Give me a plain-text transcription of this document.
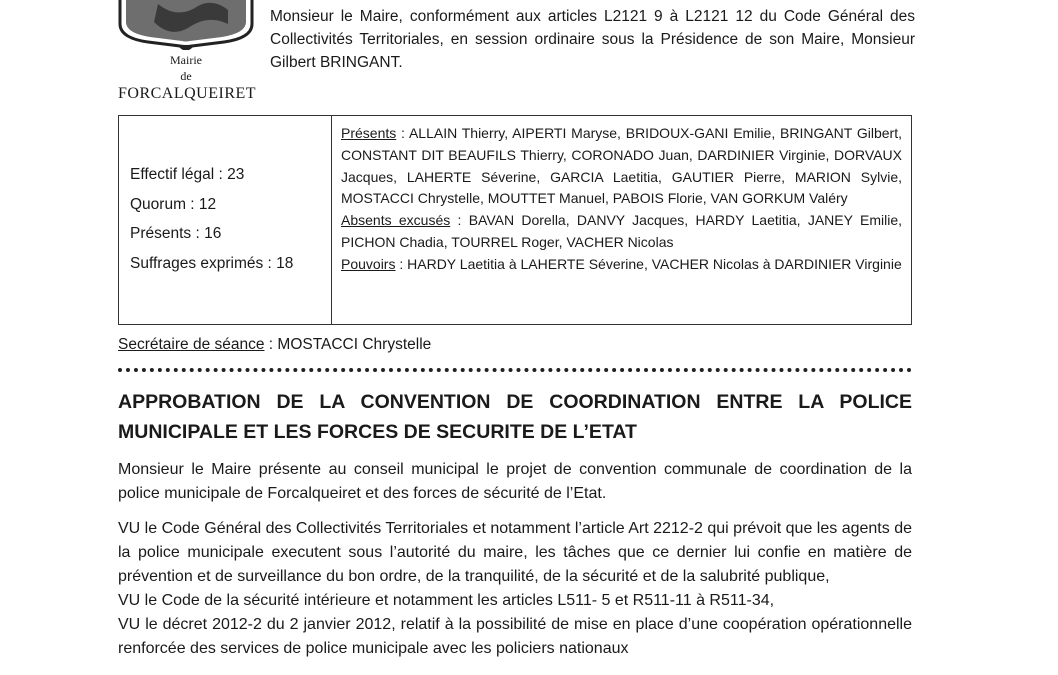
Mairie
de
FORCALQUEIRET

Monsieur le Maire, conformément aux articles L2121 9 à L2121 12 du Code Général des Collectivités Territoriales, en session ordinaire sous la Présidence de son Maire, Monsieur Gilbert BRINGANT.

Effectif légal : 23
Quorum : 12
Présents : 16
Suffrages exprimés : 18

Présents : ALLAIN Thierry, AIPERTI Maryse, BRIDOUX-GANI Emilie, BRINGANT Gilbert, CONSTANT DIT BEAUFILS Thierry, CORONADO Juan, DARDINIER Virginie, DORVAUX Jacques, LAHERTE Séverine, GARCIA Laetitia, GAUTIER Pierre, MARION Sylvie, MOSTACCI Chrystelle, MOUTTET Manuel, PABOIS Florie, VAN GORKUM Valéry

Absents excusés : BAVAN Dorella, DANVY Jacques, HARDY Laetitia, JANEY Emilie, PICHON Chadia, TOURREL Roger, VACHER Nicolas

Pouvoirs : HARDY Laetitia à LAHERTE Séverine, VACHER Nicolas à DARDINIER Virginie

Secrétaire de séance : MOSTACCI Chrystelle
APPROBATION DE LA CONVENTION DE COORDINATION ENTRE LA POLICE
MUNICIPALE ET LES FORCES DE SECURITE DE L’ETAT

Monsieur le Maire présente au conseil municipal le projet de convention communale de coordination de la police municipale de Forcalqueiret et des forces de sécurité de l’Etat.

VU le Code Général des Collectivités Territoriales et notamment l’article Art 2212-2 qui prévoit que les agents de la police municipale executent sous l’autorité du maire, les tâches que ce dernier lui confie en matière de prévention et de surveillance du bon ordre, de la tranquilité, de la sécurité et de la salubrité publique,

VU le Code de la sécurité intérieure et notamment les articles L511- 5 et R511-11 à R511-34,

VU le décret 2012-2 du 2 janvier 2012, relatif à la possibilité de mise en place d’une coopération opérationnelle renforcée des services de police municipale avec les policiers nationaux
